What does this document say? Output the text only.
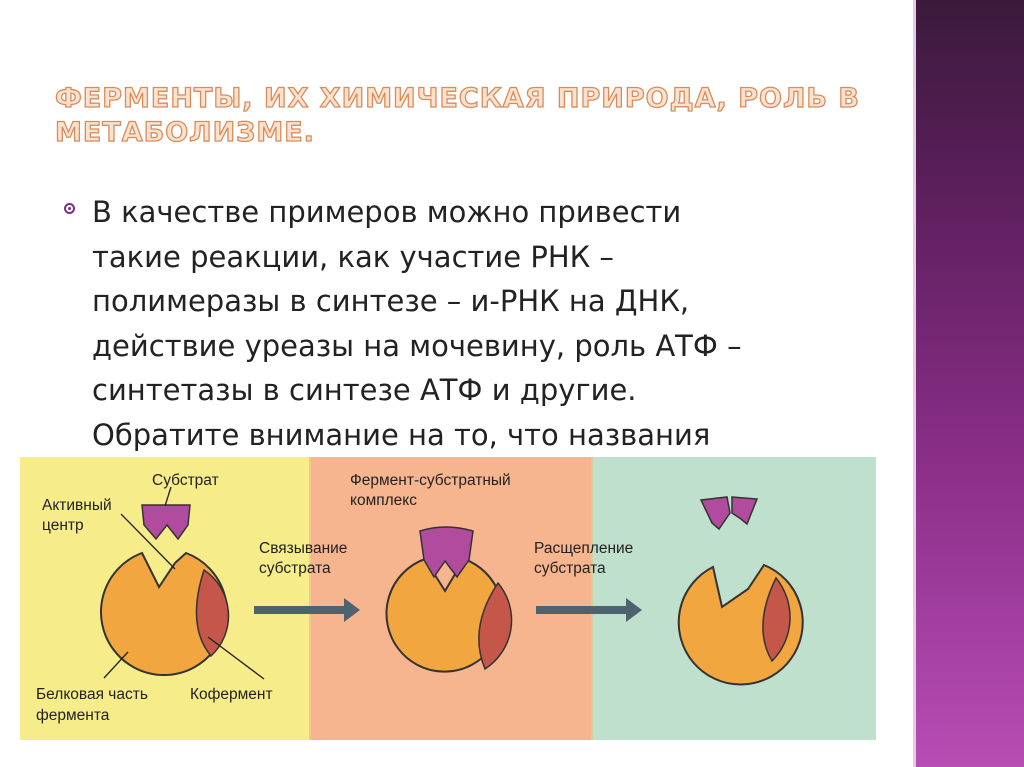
ФЕРМЕНТЫ, ИХ ХИМИЧЕСКАЯ ПРИРОДА, РОЛЬ В МЕТАБОЛИЗМЕ.
В качестве примеров можно привести
такие реакции, как участие РНК –
полимеразы в синтезе – и-РНК на ДНК,
действие уреазы на мочевину, роль АТФ –
синтетазы в синтезе АТФ и другие.
Обратите внимание на то, что названия
Субстрат
Активный
центр
Связывание
субстрата
Фермент-субстратный
комплекс
Расщепление
субстрата
Белковая часть
фермента
Кофермент
